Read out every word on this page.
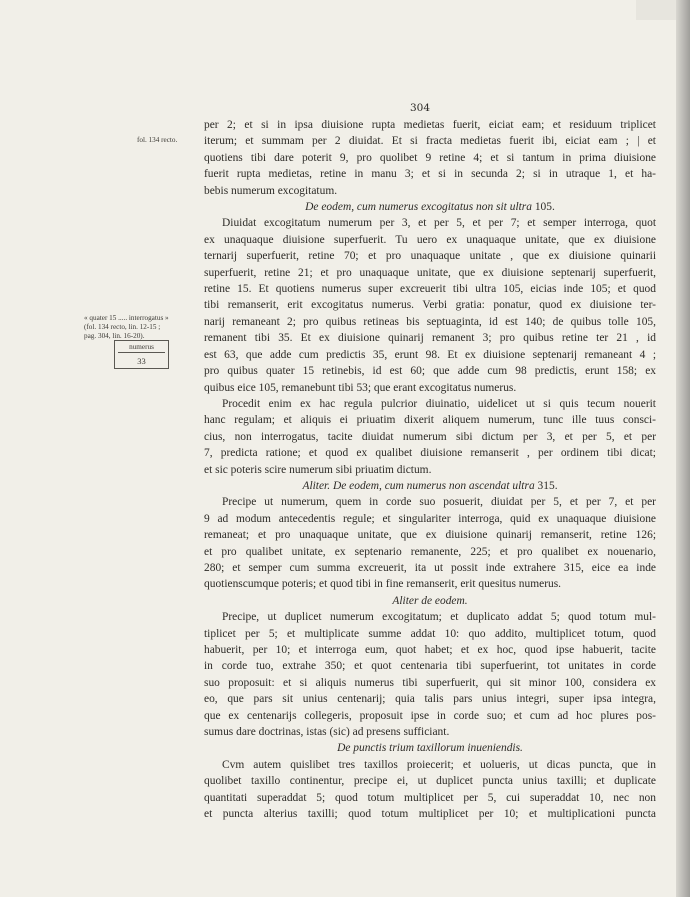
304
fol. 134 recto.
« quater 15 ..... interrogatus »
(fol. 134 recto, lin. 12-15 ;
pag. 304, lin. 16-20).
numerus
33
per 2; et si in ipsa diuisione rupta medietas fuerit, eiciat eam; et residuum triplicet
iterum; et summam per 2 diuidat. Et si fracta medietas fuerit ibi, eiciat eam ; | et
quotiens tibi dare poterit 9, pro quolibet 9 retine 4; et si tantum in prima diuisione
fuerit rupta medietas, retine in manu 3; et si in secunda 2; si in utraque 1, et ha-
bebis numerum excogitatum.
De eodem, cum numerus excogitatus non sit ultra 105.
Diuidat excogitatum numerum per 3, et per 5, et per 7; et semper interroga, quot
ex unaquaque diuisione superfuerit. Tu uero ex unaquaque unitate, que ex diuisione
ternarij superfuerit, retine 70; et pro unaquaque unitate , que ex diuisione quinarii
superfuerit, retine 21; et pro unaquaque unitate, que ex diuisione septenarij superfuerit,
retine 15. Et quotiens numerus super excreuerit tibi ultra 105, eicias inde 105; et quod
tibi remanserit, erit excogitatus numerus. Verbi gratia: ponatur, quod ex diuisione ter-
narij remaneant 2; pro quibus retineas bis septuaginta, id est 140; de quibus tolle 105,
remanent tibi 35. Et ex diuisione quinarij remanent 3; pro quibus retine ter 21 , id
est 63, que adde cum predictis 35, erunt 98. Et ex diuisione septenarij remaneant 4 ;
pro quibus quater 15 retinebis, id est 60; que adde cum 98 predictis, erunt 158; ex
quibus eice 105, remanebunt tibi 53; que erant excogitatus numerus.
Procedit enim ex hac regula pulcrior diuinatio, uidelicet ut si quis tecum nouerit
hanc regulam; et aliquis ei priuatim dixerit aliquem numerum, tunc ille tuus consci-
cius, non interrogatus, tacite diuidat numerum sibi dictum per 3, et per 5, et per
7, predicta ratione; et quod ex qualibet diuisione remanserit , per ordinem tibi dicat;
et sic poteris scire numerum sibi priuatim dictum.
Aliter. De eodem, cum numerus non ascendat ultra 315.
Precipe ut numerum, quem in corde suo posuerit, diuidat per 5, et per 7, et per
9 ad modum antecedentis regule; et singulariter interroga, quid ex unaquaque diuisione
remaneat; et pro unaquaque unitate, que ex diuisione quinarij remanserit, retine 126;
et pro qualibet unitate, ex septenario remanente, 225; et pro qualibet ex nouenario,
280; et semper cum summa excreuerit, ita ut possit inde extrahere 315, eice ea inde
quotienscumque poteris; et quod tibi in fine remanserit, erit quesitus numerus.
Aliter de eodem.
Precipe, ut duplicet numerum excogitatum; et duplicato addat 5; quod totum mul-
tiplicet per 5; et multiplicate summe addat 10: quo addito, multiplicet totum, quod
habuerit, per 10; et interroga eum, quot habet; et ex hoc, quod ipse habuerit, tacite
in corde tuo, extrahe 350; et quot centenaria tibi superfuerint, tot unitates in corde
suo proposuit: et si aliquis numerus tibi superfuerit, qui sit minor 100, considera ex
eo, que pars sit unius centenarij; quia talis pars unius integri, super ipsa integra,
que ex centenarijs collegeris, proposuit ipse in corde suo; et cum ad hoc plures pos-
sumus dare doctrinas, istas (sic) ad presens sufficiant.
De punctis trium taxillorum inueniendis.
Cvm autem quislibet tres taxillos proiecerit; et uolueris, ut dicas puncta, que in
quolibet taxillo continentur, precipe ei, ut duplicet puncta unius taxilli; et duplicate
quantitati superaddat 5; quod totum multiplicet per 5, cui superaddat 10, nec non
et puncta alterius taxilli; quod totum multiplicet per 10; et multiplicationi puncta
